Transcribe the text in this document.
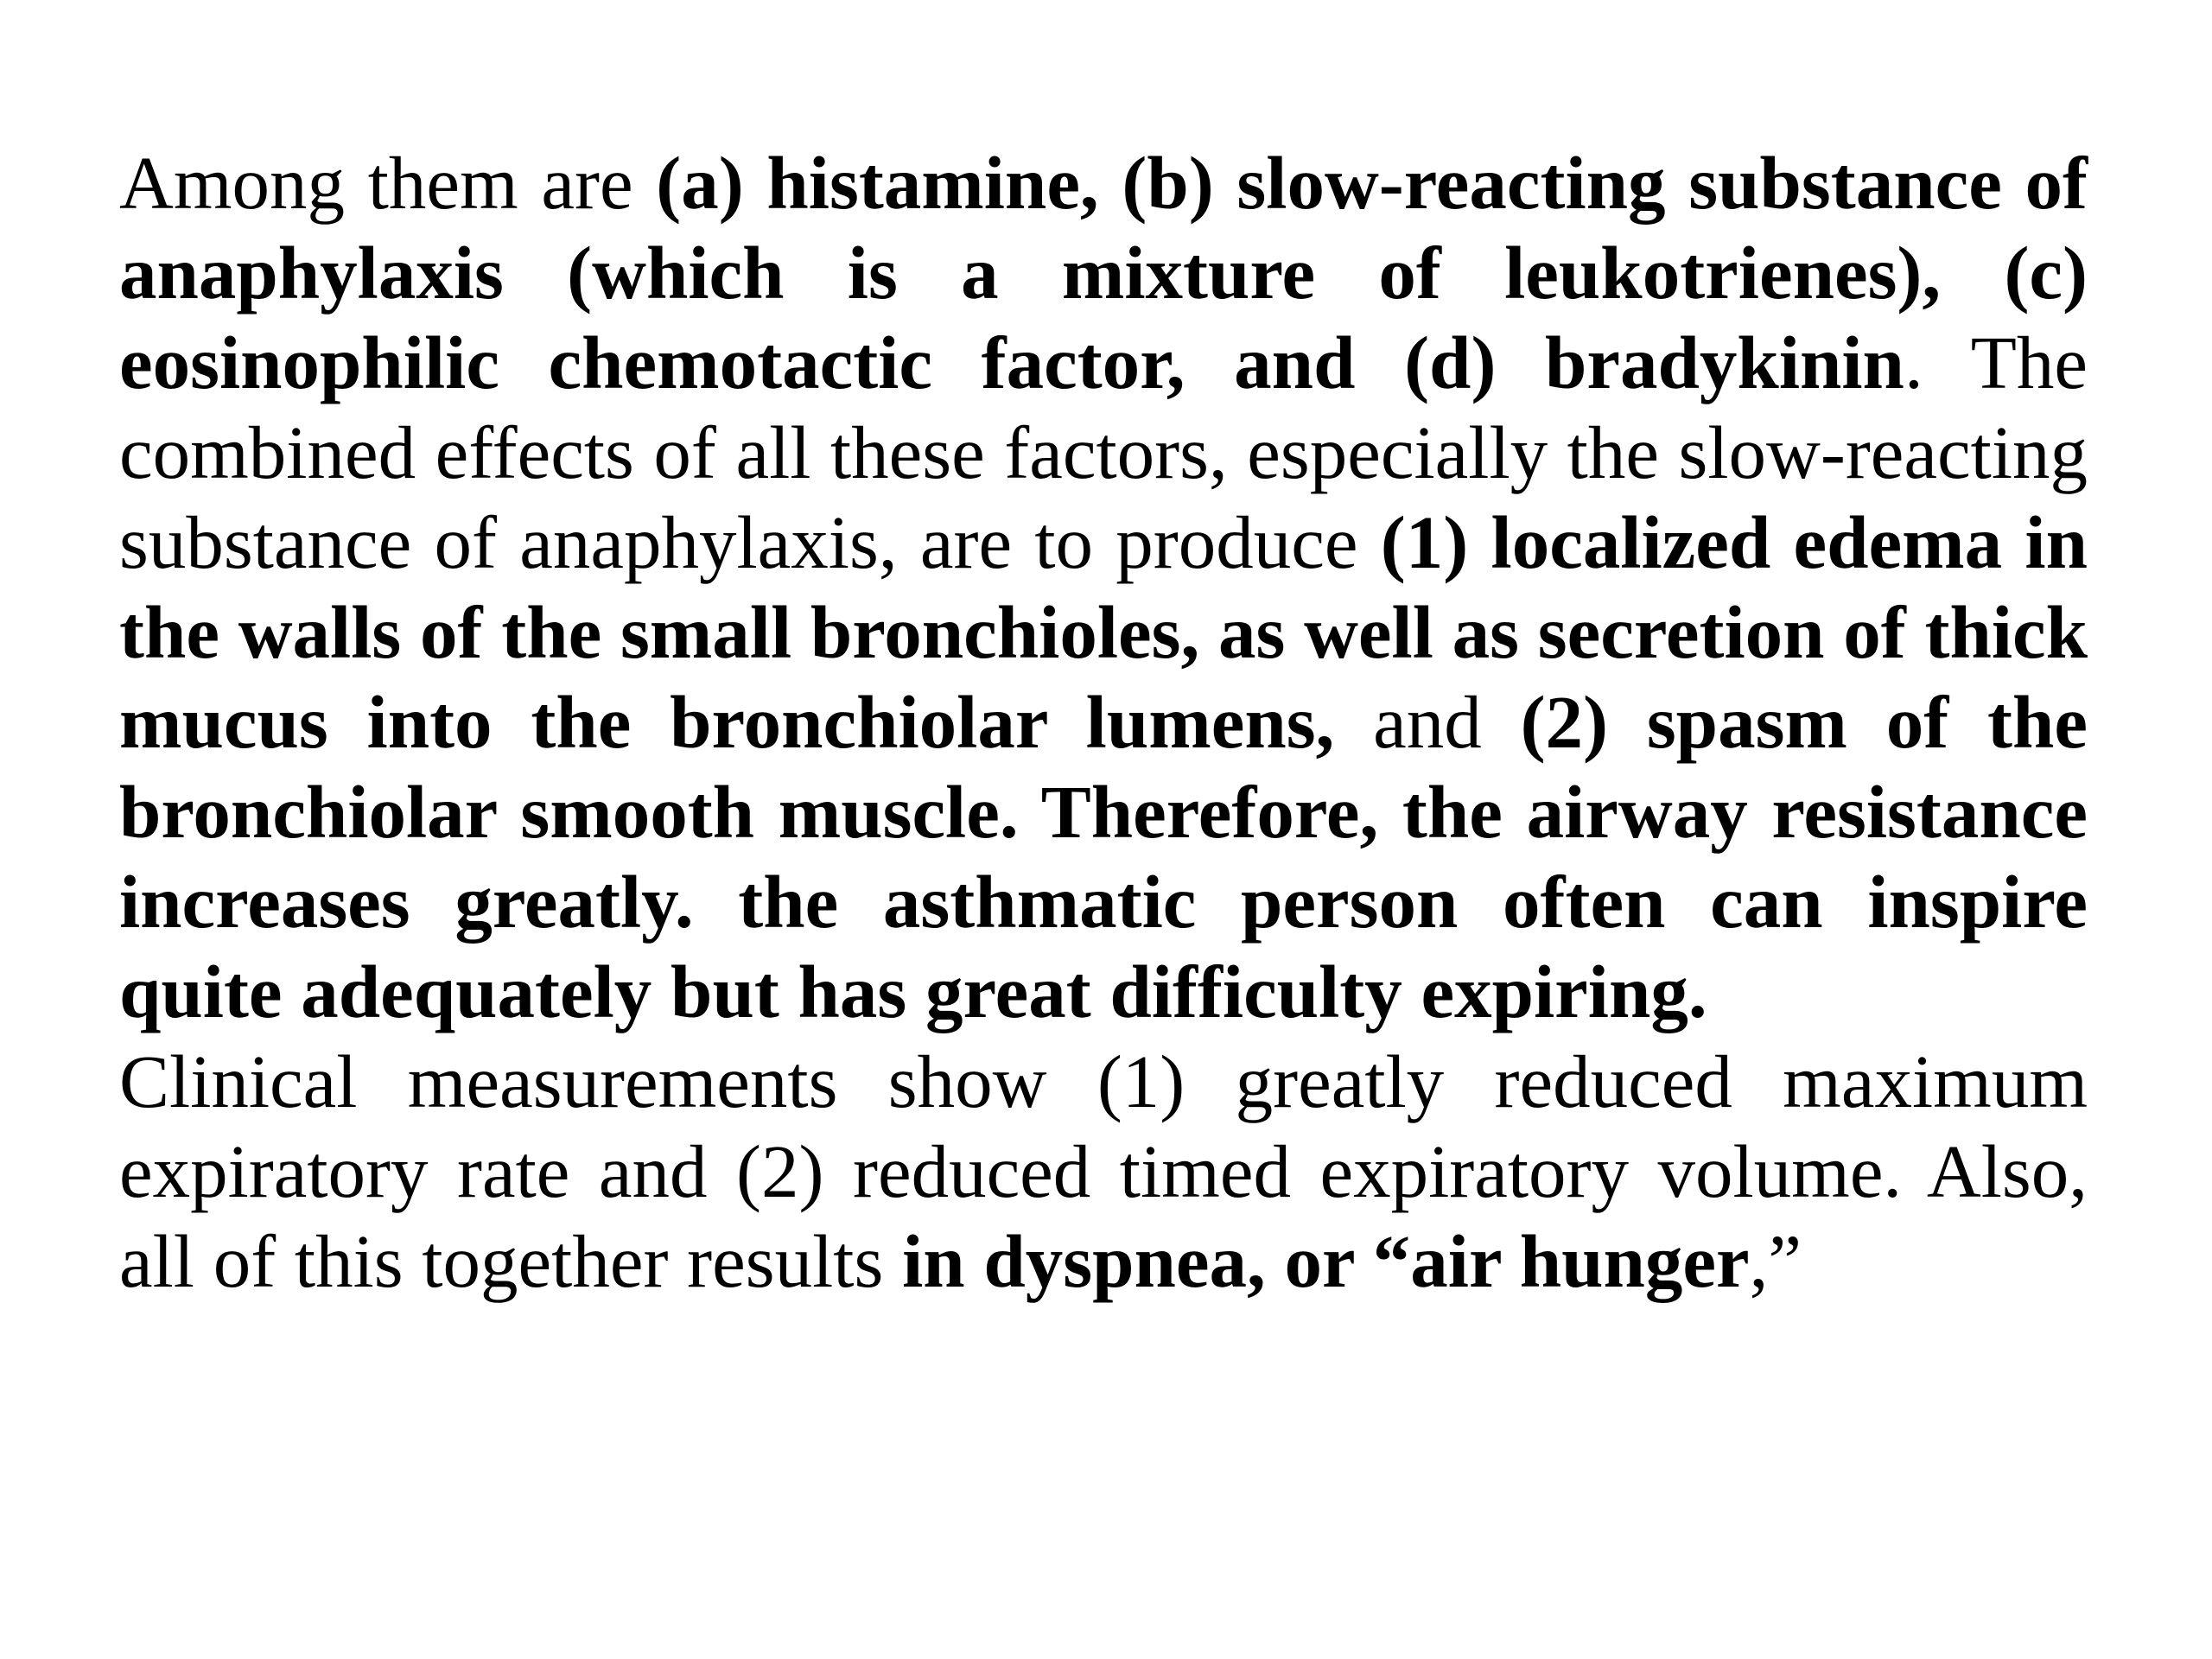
Among them are (a) histamine, (b) slow-reacting substance of anaphylaxis (which is a mixture of leukotrienes), (c) eosinophilic chemotactic factor, and (d) bradykinin. The combined effects of all these factors, especially the slow-reacting substance of anaphylaxis, are to produce (1) localized edema in the walls of the small bronchioles, as well as secretion of thick mucus into the bronchiolar lumens, and (2) spasm of the bronchiolar smooth muscle. Therefore, the airway resistance increases greatly. the asthmatic person often can inspire quite adequately but has great difficulty expiring.

Clinical measurements show (1) greatly reduced maximum expiratory rate and (2) reduced timed expiratory volume. Also, all of this together results in dyspnea, or “air hunger,”
